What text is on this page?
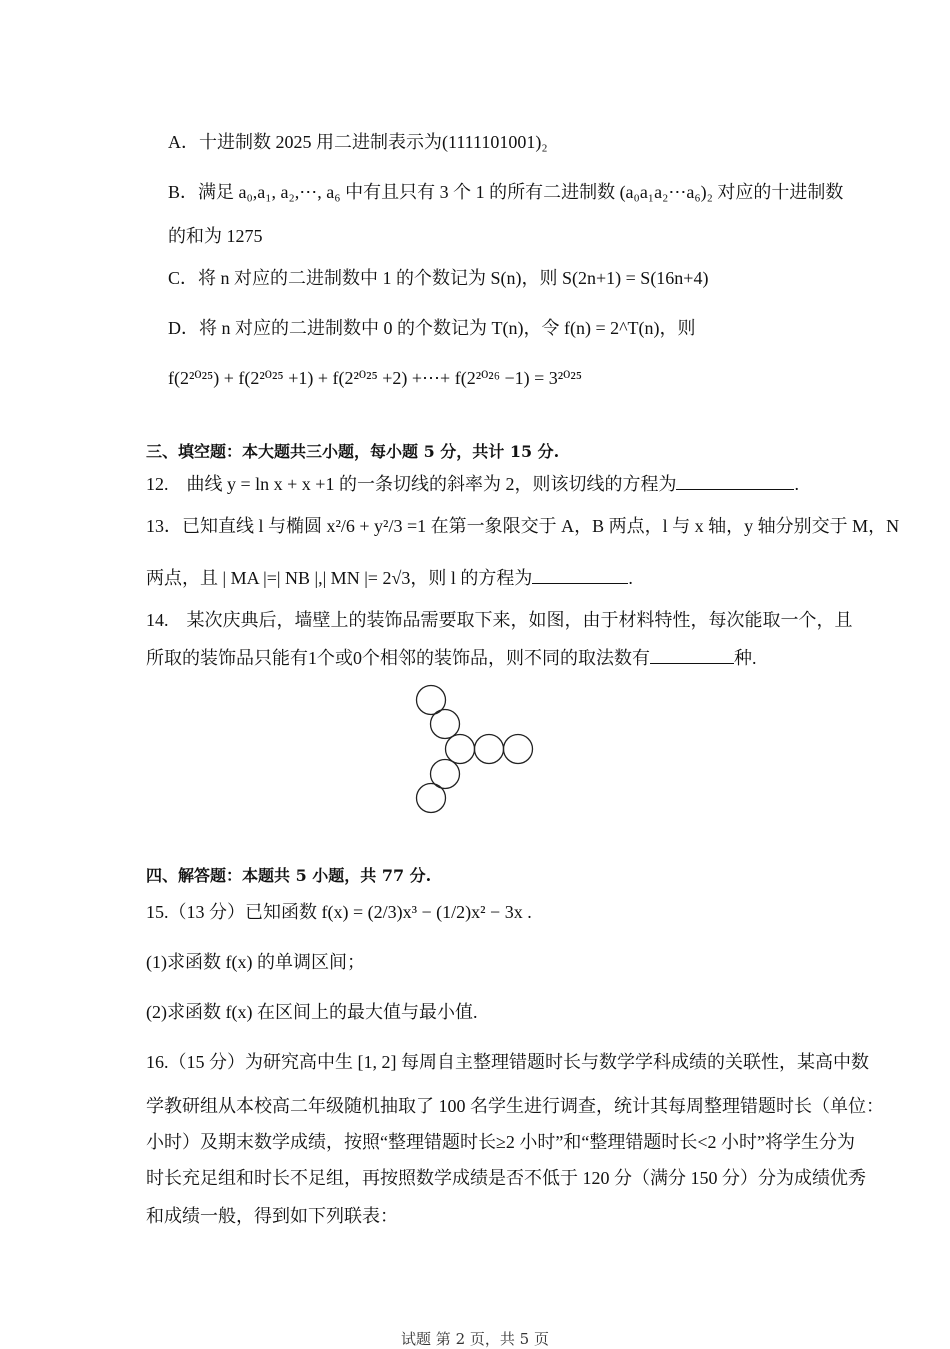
A．十进制数 2025 用二进制表示为(1111101001)₂
B．满足 a₀,a₁, a₂,⋯, a₆ 中有且只有 3 个 1 的所有二进制数 (a₀a₁a₂⋯a₆)₂ 对应的十进制数
的和为 1275
C．将 n 对应的二进制数中 1 的个数记为 S(n)，则 S(2n+1) = S(16n+4)
D．将 n 对应的二进制数中 0 的个数记为 T(n)，令 f(n) = 2^T(n)，则
f(2²⁰²⁵) + f(2²⁰²⁵ +1) + f(2²⁰²⁵ +2) +⋯+ f(2²⁰²⁶ −1) = 3²⁰²⁵
三、填空题：本大题共三小题，每小题 5 分，共计 15 分.
12.　曲线 y = ln x + x +1 的一条切线的斜率为 2，则该切线的方程为	.
13．已知直线 l 与椭圆 x²/6 + y²/3 =1 在第一象限交于 A，B 两点，l 与 x 轴，y 轴分别交于 M，N
两点，且 | MA |=| NB |,| MN |= 2√3，则 l 的方程为	.
14.　某次庆典后，墙壁上的装饰品需要取下来，如图，由于材料特性，每次能取一个，且
所取的装饰品只能有1个或0个相邻的装饰品，则不同的取法数有	种.
四、解答题：本题共 5 小题，共 77 分.
15.（13 分）已知函数 f(x) = (2/3)x³ − (1/2)x² − 3x .
(1)求函数 f(x) 的单调区间；
(2)求函数 f(x) 在区间上的最大值与最小值.
16.（15 分）为研究高中生 [1, 2] 每周自主整理错题时长与数学学科成绩的关联性，某高中数
学教研组从本校高二年级随机抽取了 100 名学生进行调查，统计其每周整理错题时长（单位：
小时）及期末数学成绩，按照“整理错题时长≥2 小时”和“整理错题时长<2 小时”将学生分为
时长充足组和时长不足组，再按照数学成绩是否不低于 120 分（满分 150 分）分为成绩优秀
和成绩一般，得到如下列联表：
试题 第 2 页，共 5 页
